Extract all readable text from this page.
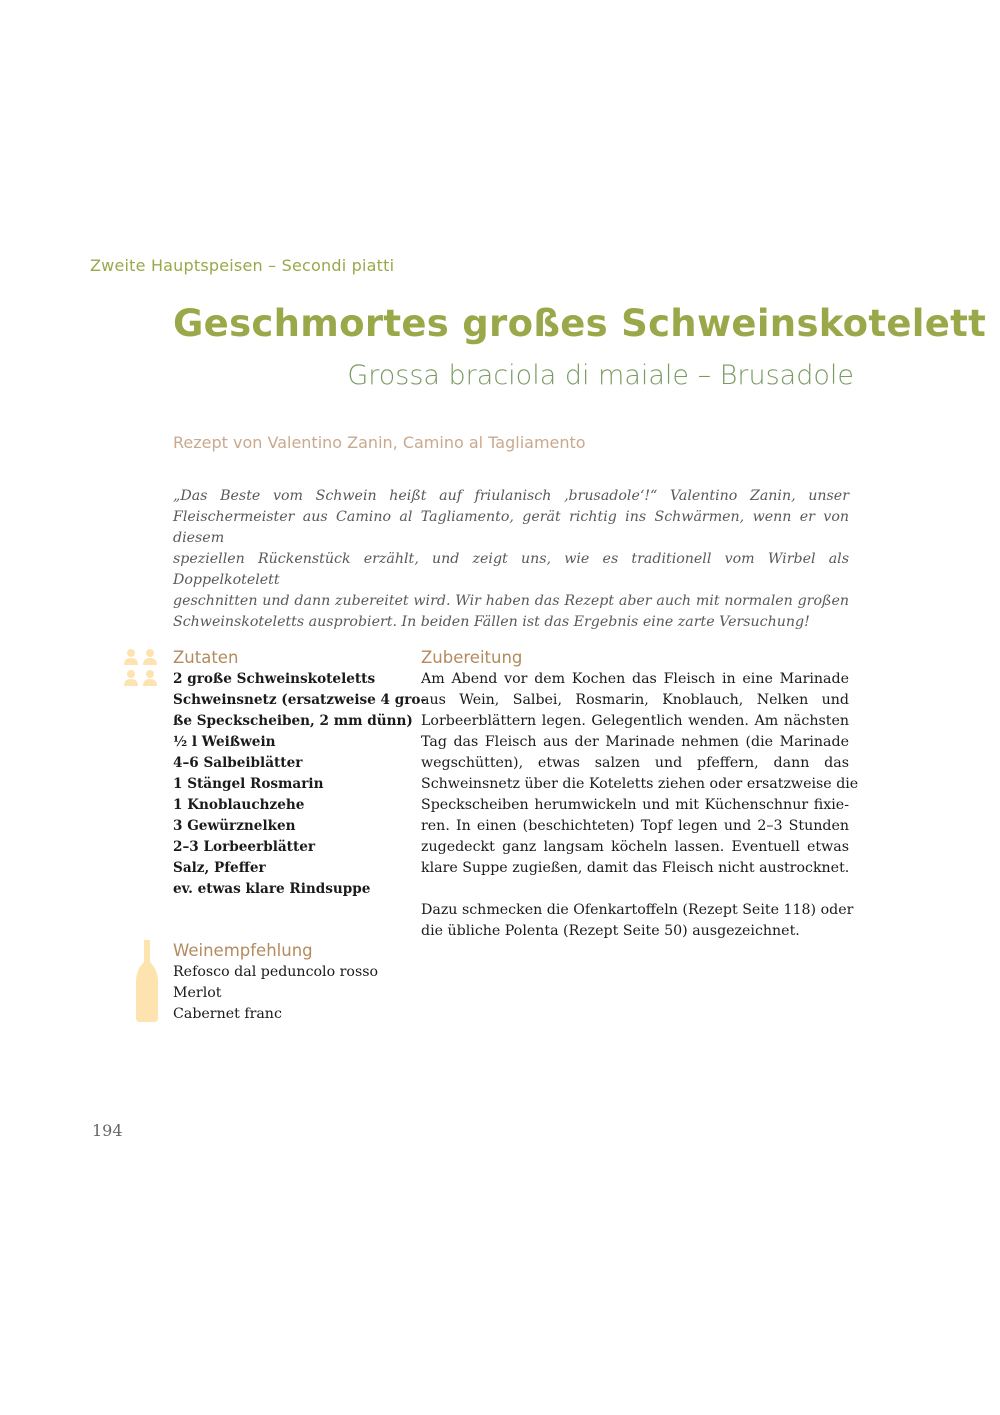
Zweite Hauptspeisen – Secondi piatti
Geschmortes großes Schweinskotelett
Grossa braciola di maiale – Brusadole
Rezept von Valentino Zanin, Camino al Tagliamento
„Das Beste vom Schwein heißt auf friulanisch ‚brusadole‘!“ Valentino Zanin, unser
Fleischermeister aus Camino al Tagliamento, gerät richtig ins Schwärmen, wenn er von diesem
speziellen Rückenstück erzählt, und zeigt uns, wie es traditionell vom Wirbel als Doppelkotelett
geschnitten und dann zubereitet wird. Wir haben das Rezept aber auch mit normalen großen
Schweinskoteletts ausprobiert. In beiden Fällen ist das Ergebnis eine zarte Versuchung!
Zutaten
2 große Schweinskoteletts
Schweinsnetz (ersatzweise 4 gro-
ße Speckscheiben, 2 mm dünn)
½ l Weißwein
4–6 Salbeiblätter
1 Stängel Rosmarin
1 Knoblauchzehe
3 Gewürznelken
2–3 Lorbeerblätter
Salz, Pfeffer
ev. etwas klare Rindsuppe
Zubereitung
Am Abend vor dem Kochen das Fleisch in eine Marinade
aus Wein, Salbei, Rosmarin, Knoblauch, Nelken und
Lorbeerblättern legen. Gelegentlich wenden. Am nächsten
Tag das Fleisch aus der Marinade nehmen (die Marinade
wegschütten), etwas salzen und pfeffern, dann das
Schweinsnetz über die Koteletts ziehen oder ersatzweise die
Speckscheiben herumwickeln und mit Küchenschnur fixie-
ren. In einen (beschichteten) Topf legen und 2–3 Stunden
zugedeckt ganz langsam köcheln lassen. Eventuell etwas
klare Suppe zugießen, damit das Fleisch nicht austrocknet.
Dazu schmecken die Ofenkartoffeln (Rezept Seite 118) oder
die übliche Polenta (Rezept Seite 50) ausgezeichnet.
Weinempfehlung
Refosco dal peduncolo rosso
Merlot
Cabernet franc
194
